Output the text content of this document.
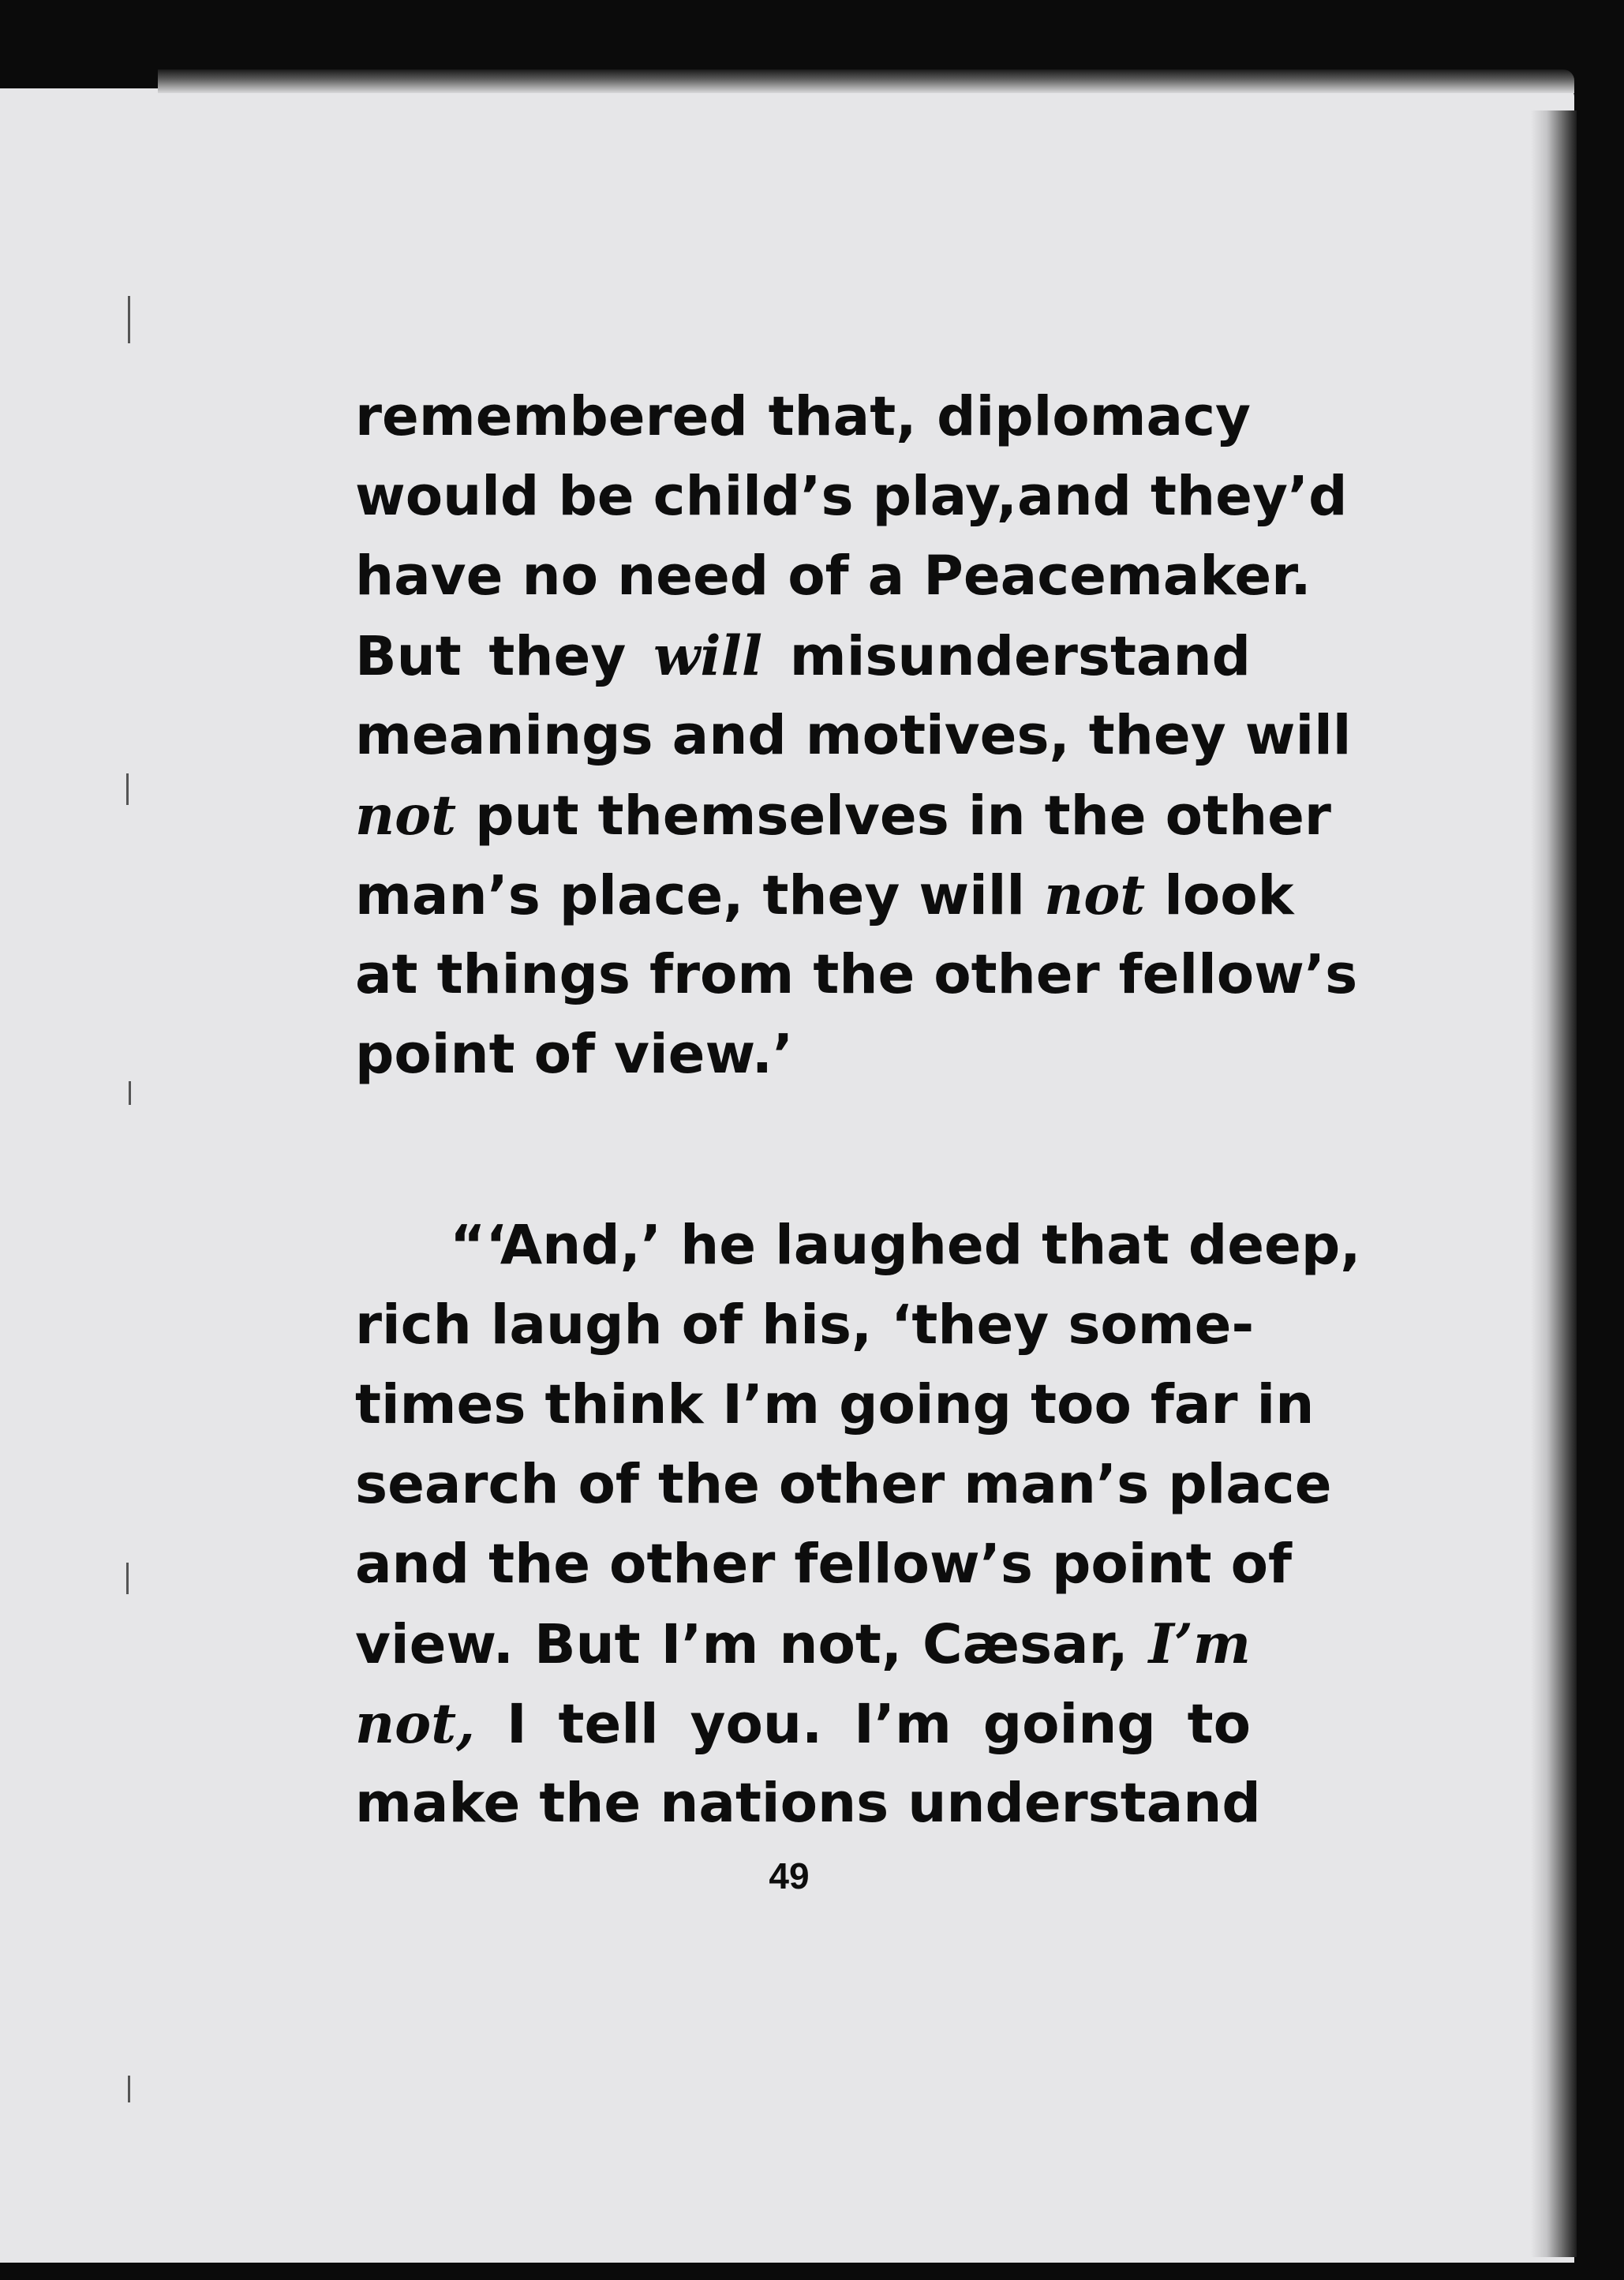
remembered that, diplomacy
would be child’s play,and they’d
have no need of a Peacemaker.
But they will misunderstand
meanings and motives, they will
not put themselves in the other
man’s place, they will not look
at things from the other fellow’s
point of view.’
“‘And,’ he laughed that deep,
rich laugh of his, ‘they some-
times think I’m going too far in
search of the other man’s place
and the other fellow’s point of
view. But I’m not, Cæsar, I’m
not, I tell you. I’m going to
make the nations understand
49
